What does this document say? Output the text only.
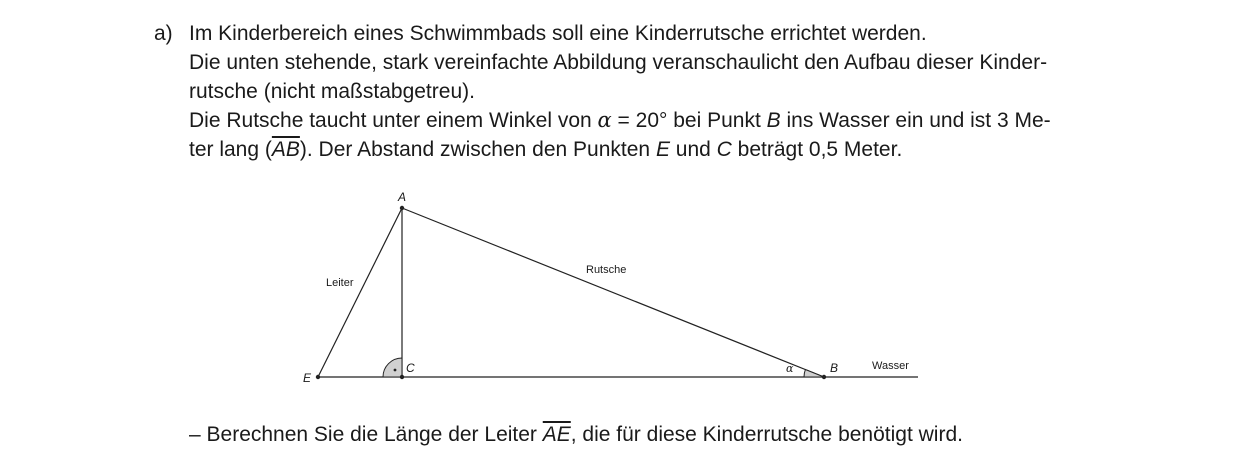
a) Im Kinderbereich eines Schwimmbads soll eine Kinderrutsche errichtet werden.
Die unten stehende, stark vereinfachte Abbildung veranschaulicht den Aufbau dieser Kinder-
rutsche (nicht maßstabgetreu).
Die Rutsche taucht unter einem Winkel von α = 20° bei Punkt B ins Wasser ein und ist 3 Me-
ter lang $(\overline{AB})$. Der Abstand zwischen den Punkten E und C beträgt 0,5 Meter.
A
E
C	B
Leiter
Rutsche
Wasser
α
– Berechnen Sie die Länge der Leiter $\overline{AE}$, die für diese Kinderrutsche benötigt wird.
